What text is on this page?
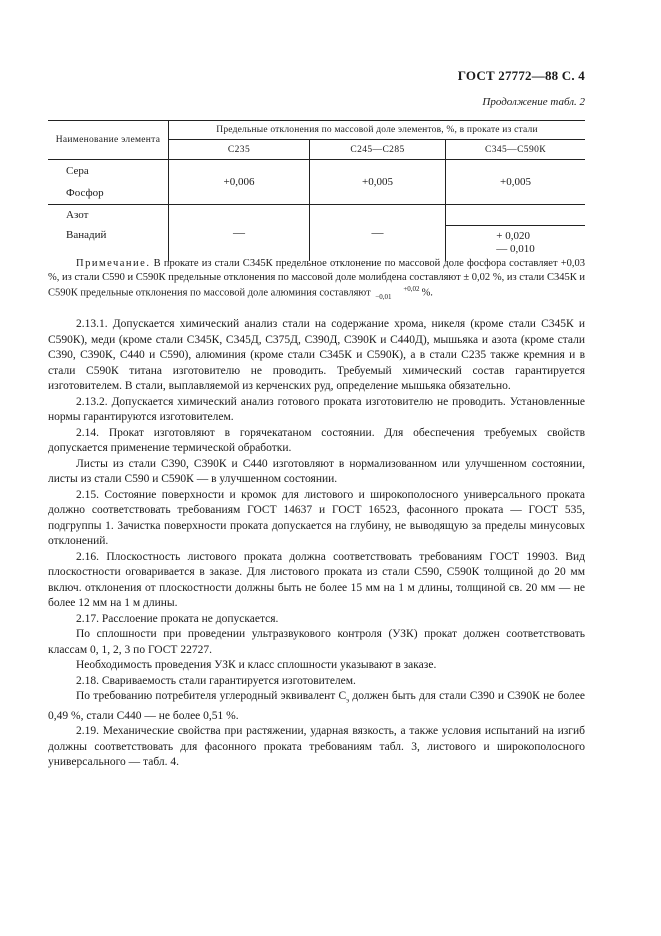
ГОСТ 27772—88 С. 4
Продолжение табл. 2
Наименование элемента	Предельные отклонения по массовой доле элементов, %, в прокате из стали		
	С235	С245—С285	С345—С590К
Сера	+0,006	+0,005	+0,005
Фосфор			
Азот	—	—	
Ванадий			+ 0,020
— 0,010

Примечание. В прокате из стали С345К предельное отклонение по массовой доле фосфора составляет +0,03 %, из стали С590 и С590К предельные отклонения по массовой доле молибдена составляют ± 0,02 %, из стали С345К и С590К предельные отклонения по массовой доле алюминия составляют	+0,02
−0,01	%.

2.13.1. Допускается химический анализ стали на содержание хрома, никеля (кроме стали С345К и С590К), меди (кроме стали С345К, С345Д, С375Д, С390Д, С390К и С440Д), мышьяка и азота (кроме стали С390, С390К, С440 и С590), алюминия (кроме стали С345К и С590К), а в стали С235 также кремния и в стали С590К титана изготовителю не проводить. Требуемый химический состав гарантируется изготовителем. В стали, выплавляемой из керченских руд, определение мышьяка обязательно.

2.13.2. Допускается химический анализ готового проката изготовителю не проводить. Установленные нормы гарантируются изготовителем.

2.14. Прокат изготовляют в горячекатаном состоянии. Для обеспечения требуемых свойств допускается применение термической обработки.

Листы из стали С390, С390К и С440 изготовляют в нормализованном или улучшенном состоянии, листы из стали С590 и С590К — в улучшенном состоянии.

2.15. Состояние поверхности и кромок для листового и широкополосного универсального проката должно соответствовать требованиям ГОСТ 14637 и ГОСТ 16523, фасонного проката — ГОСТ 535, подгруппы 1. Зачистка поверхности проката допускается на глубину, не выводящую за пределы минусовых отклонений.

2.16. Плоскостность листового проката должна соответствовать требованиям ГОСТ 19903. Вид плоскостности оговаривается в заказе. Для листового проката из стали С590, С590К толщиной до 20 мм включ. отклонения от плоскостности должны быть не более 15 мм на 1 м длины, толщиной св. 20 мм — не более 12 мм на 1 м длины.

2.17. Расслоение проката не допускается.

По сплошности при проведении ультразвукового контроля (УЗК) прокат должен соответствовать классам 0, 1, 2, 3 по ГОСТ 22727.

Необходимость проведения УЗК и класс сплошности указывают в заказе.

2.18. Свариваемость стали гарантируется изготовителем.

По требованию потребителя углеродный эквивалент $С_э$ должен быть для стали С390 и С390К не более 0,49 %, стали С440 — не более 0,51 %.

2.19. Механические свойства при растяжении, ударная вязкость, а также условия испытаний на изгиб должны соответствовать для фасонного проката требованиям табл. 3, листового и широкополосного универсального — табл. 4.
